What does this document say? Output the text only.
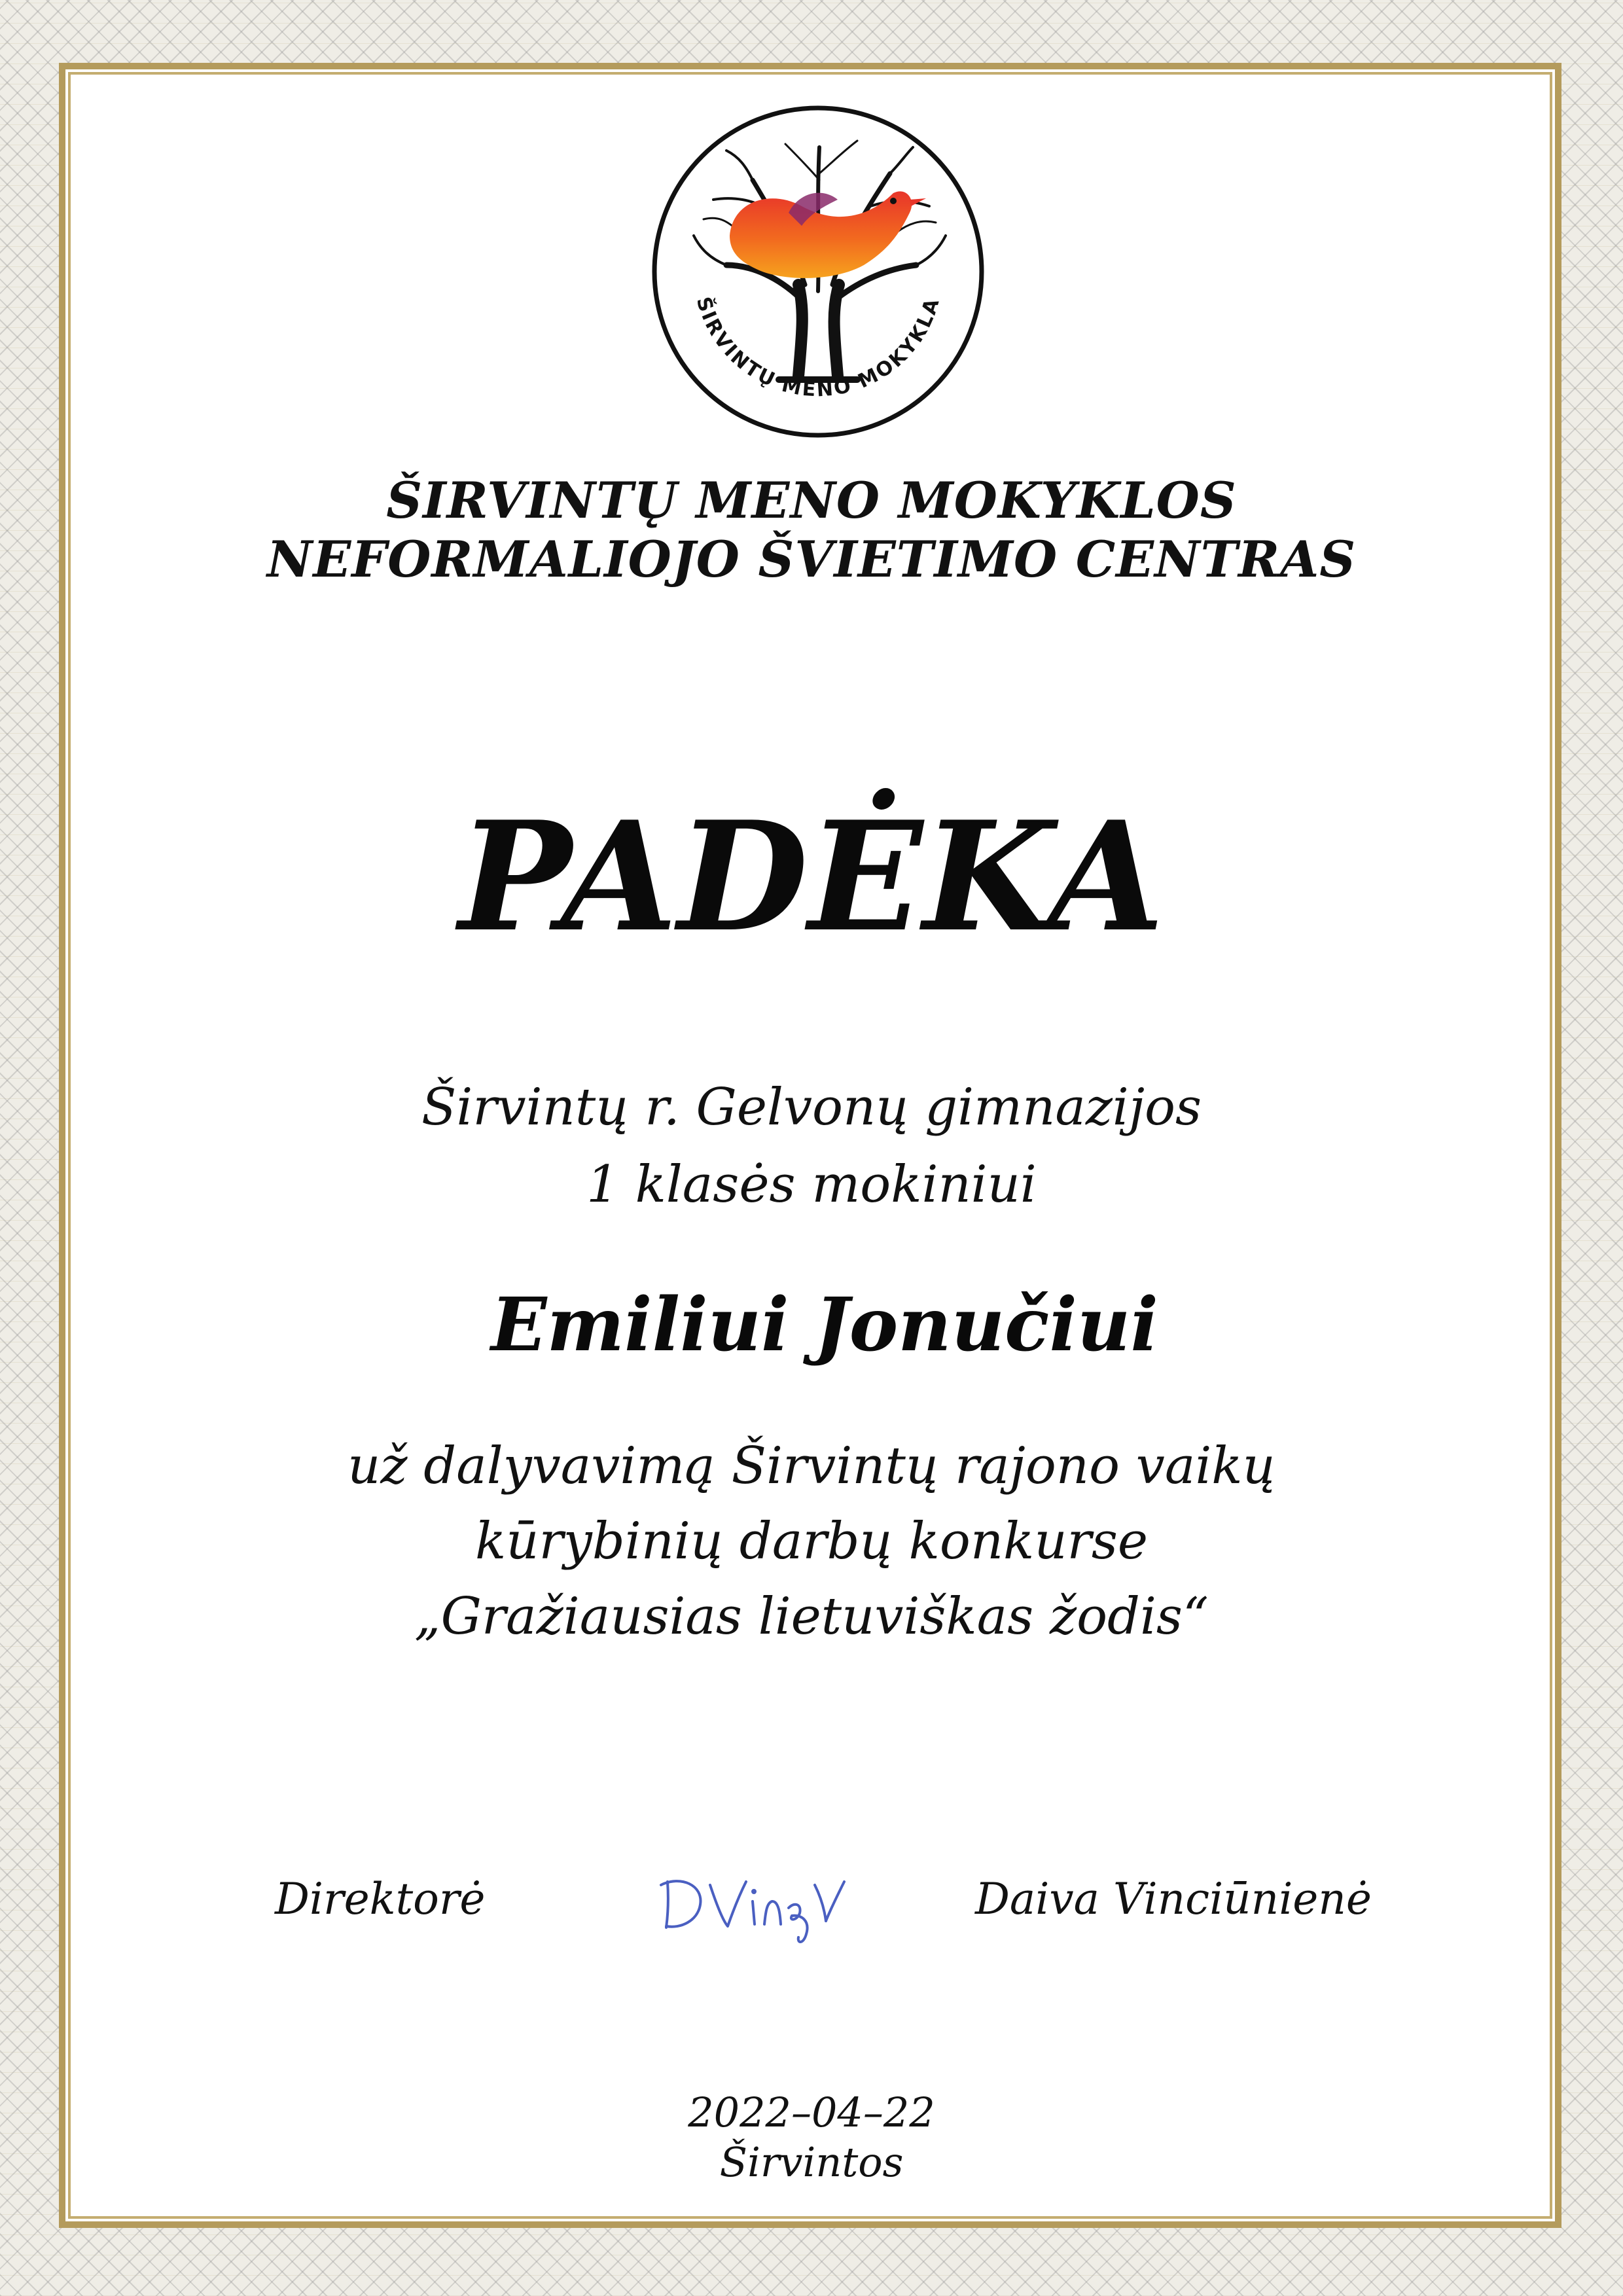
ŠIRVINTŲ MENO MOKYKLA
ŠIRVINTŲ MENO MOKYKLOS
NEFORMALIOJO ŠVIETIMO CENTRAS
PADĖKA
Širvintų r. Gelvonų gimnazijos
1 klasės mokiniui
Emiliui Jonučiui
už dalyvavimą Širvintų rajono vaikų
kūrybinių darbų konkurse
„Gražiausias lietuviškas žodis“
Direktorė	Daiva Vinciūnienė
2022–04–22
Širvintos
